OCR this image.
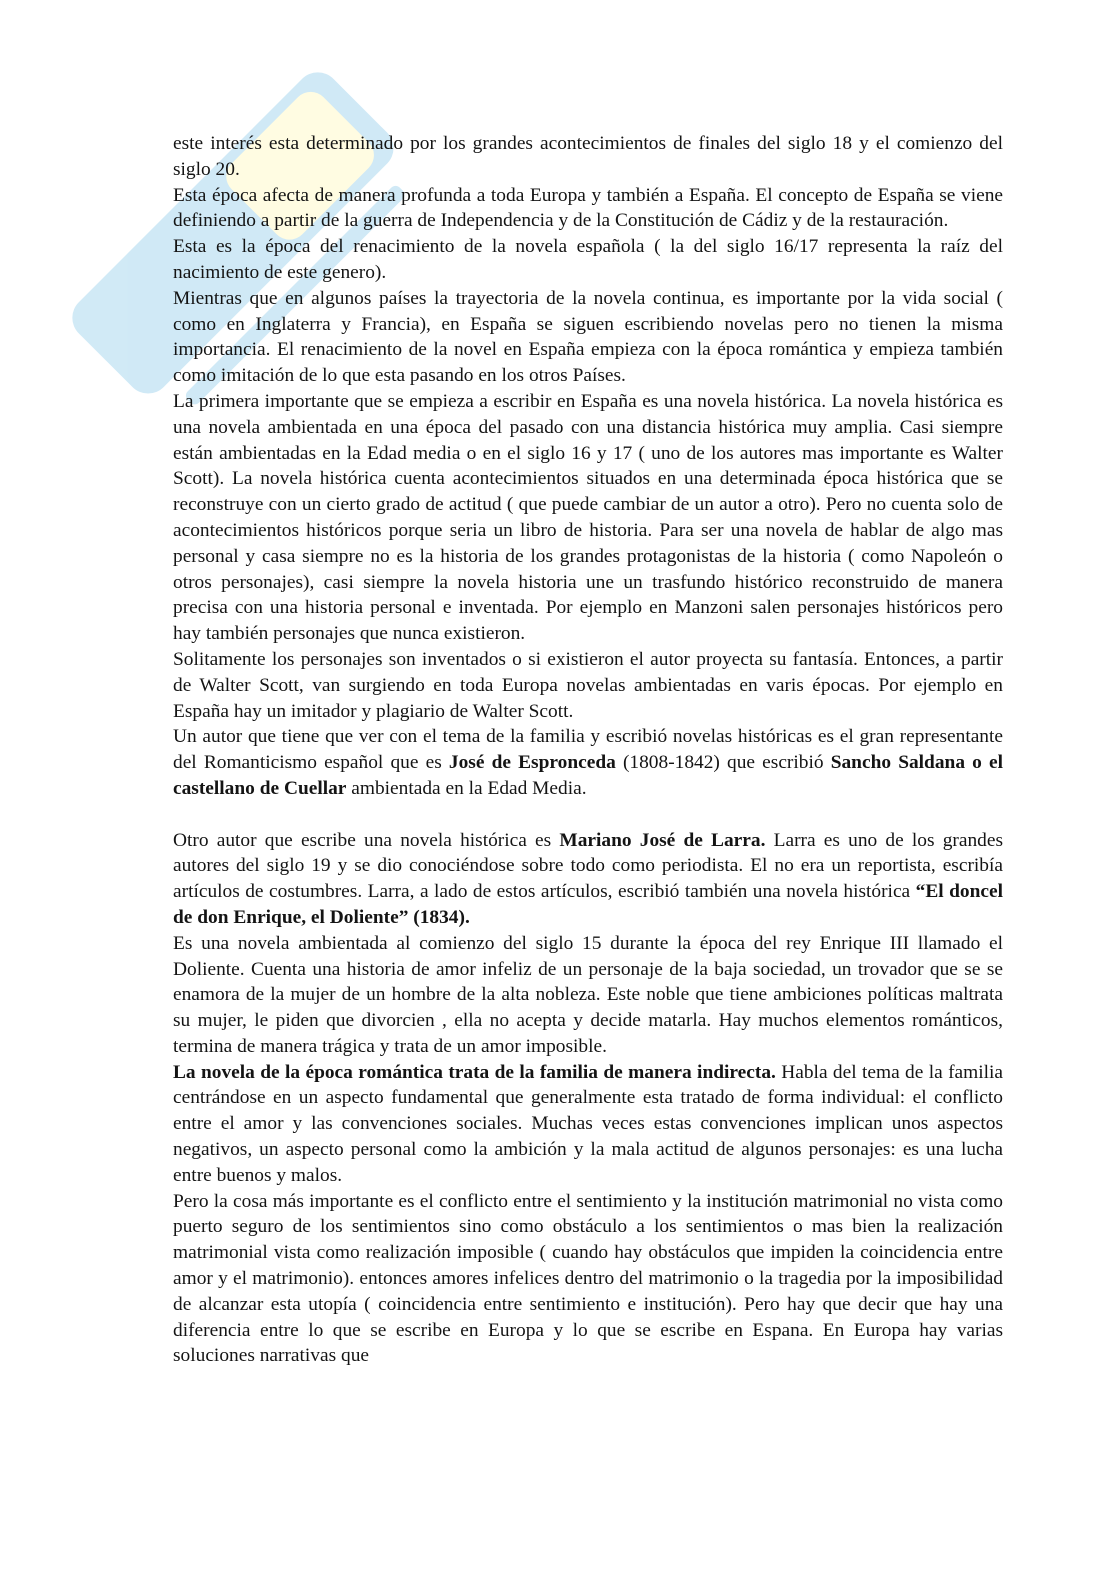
este interés esta determinado por los grandes acontecimientos de finales del siglo 18 y el comienzo del siglo 20.

Esta época afecta de manera profunda a toda Europa y también a España. El concepto de España se viene definiendo a partir de la guerra de Independencia y de la Constitución de Cádiz y de la restauración.

Esta es la época del renacimiento de la novela española ( la del siglo 16/17 representa la raíz del nacimiento de este genero).

Mientras que en algunos países la trayectoria de la novela continua, es importante por la vida social ( como en Inglaterra y Francia), en España se siguen escribiendo novelas pero no tienen la misma importancia. El renacimiento de la novel en España empieza con la época romántica y empieza también como imitación de lo que esta pasando en los otros Países.

La primera importante que se empieza a escribir en España es una novela histórica. La novela histórica es una novela ambientada en una época del pasado con una distancia histórica muy amplia. Casi siempre están ambientadas en la Edad media o en el siglo 16 y 17 ( uno de los autores mas importante es Walter Scott). La novela histórica cuenta acontecimientos situados en una determinada época histórica que se reconstruye con un cierto grado de actitud ( que puede cambiar de un autor a otro). Pero no cuenta solo de acontecimientos históricos porque seria un libro de historia. Para ser una novela de hablar de algo mas personal y casa siempre no es la historia de los grandes protagonistas de la historia ( como Napoleón o otros personajes), casi siempre la novela historia une un trasfundo histórico reconstruido de manera precisa con una historia personal e inventada. Por ejemplo en Manzoni salen personajes históricos pero hay también personajes que nunca existieron.

Solitamente los personajes son inventados o si existieron el autor proyecta su fantasía. Entonces, a partir de Walter Scott, van surgiendo en toda Europa novelas ambientadas en varis épocas. Por ejemplo en España hay un imitador y plagiario de Walter Scott.

Un autor que tiene que ver con el tema de la familia y escribió novelas históricas es el gran representante del Romanticismo español que es José de Espronceda (1808-1842) que escribió Sancho Saldana o el castellano de Cuellar ambientada en la Edad Media.

Otro autor que escribe una novela histórica es Mariano José de Larra. Larra es uno de los grandes autores del siglo 19 y se dio conociéndose sobre todo como periodista. El no era un reportista, escribía artículos de costumbres. Larra, a lado de estos artículos, escribió también una novela histórica “El doncel de don Enrique, el Doliente” (1834).

Es una novela ambientada al comienzo del siglo 15 durante la época del rey Enrique III llamado el Doliente. Cuenta una historia de amor infeliz de un personaje de la baja sociedad, un trovador que se se enamora de la mujer de un hombre de la alta nobleza. Este noble que tiene ambiciones políticas maltrata su mujer, le piden que divorcien , ella no acepta y decide matarla. Hay muchos elementos románticos, termina de manera trágica y trata de un amor imposible.

La novela de la época romántica trata de la familia de manera indirecta. Habla del tema de la familia centrándose en un aspecto fundamental que generalmente esta tratado de forma individual: el conflicto entre el amor y las convenciones sociales. Muchas veces estas convenciones implican unos aspectos negativos, un aspecto personal como la ambición y la mala actitud de algunos personajes: es una lucha entre buenos y malos.

Pero la cosa más importante es el conflicto entre el sentimiento y la institución matrimonial no vista como puerto seguro de los sentimientos sino como obstáculo a los sentimientos o mas bien la realización matrimonial vista como realización imposible ( cuando hay obstáculos que impiden la coincidencia entre amor y el matrimonio). entonces amores infelices dentro del matrimonio o la tragedia por la imposibilidad de alcanzar esta utopía ( coincidencia entre sentimiento e institución). Pero hay que decir que hay una diferencia entre lo que se escribe en Europa y lo que se escribe en Espana. En Europa hay varias soluciones narrativas que
